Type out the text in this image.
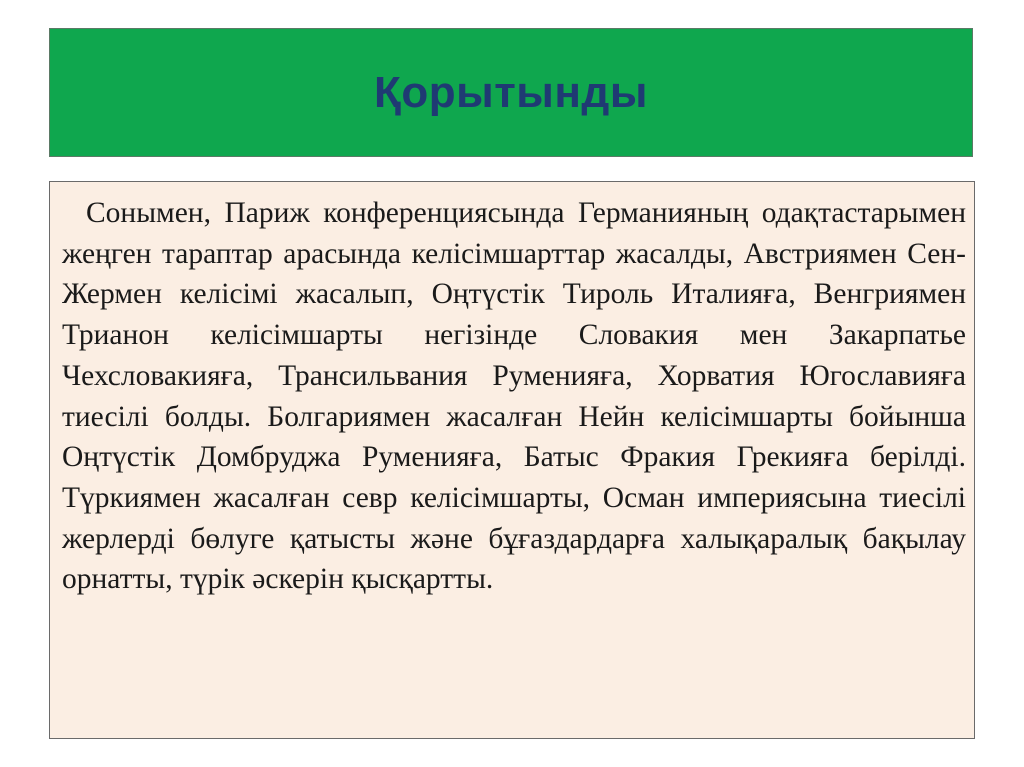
Қорытынды

Сонымен, Париж конференциясында Германияның одақтастарымен жеңген тараптар арасында келісімшарттар жасалды, Австриямен Сен-Жермен келісімі жасалып, Оңтүстік Тироль Италияға, Венгриямен Трианон келісімшарты негізінде Словакия мен Закарпатье Чехсловакияға, Трансильвания Руменияға, Хорватия Югославияға тиесілі болды. Болгариямен жасалған Нейн келісімшарты бойынша Оңтүстік Домбруджа Руменияға, Батыс Фракия Грекияға берілді. Түркиямен жасалған севр келісімшарты, Осман империясына тиесілі жерлерді бөлуге қатысты және бұғаздардарға халықаралық бақылау орнатты, түрік әскерін қысқартты.
